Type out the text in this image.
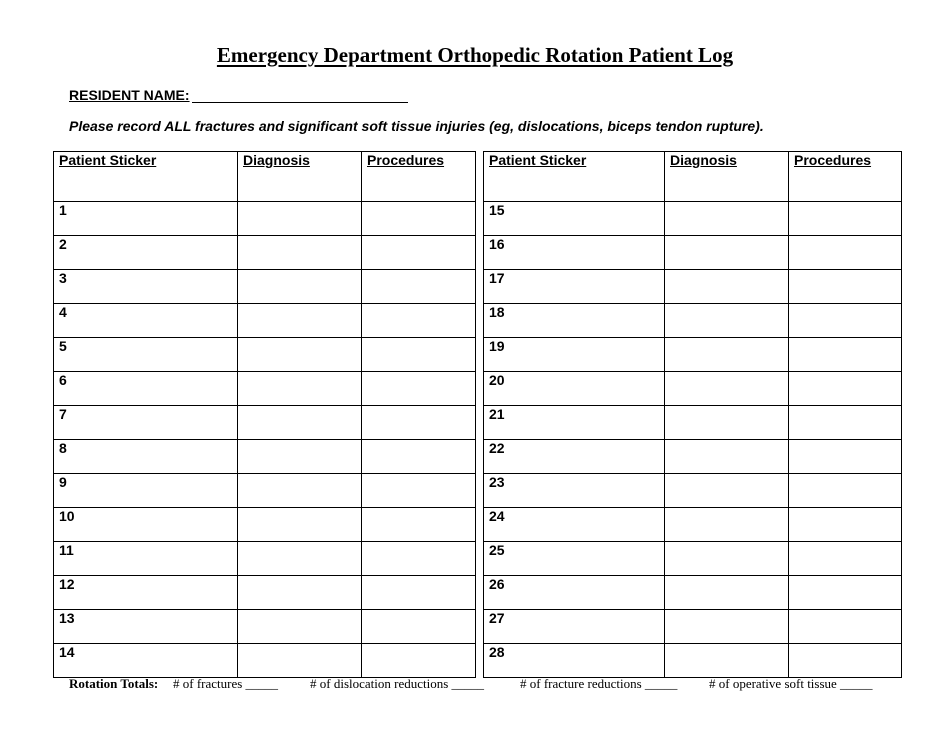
Emergency Department Orthopedic Rotation Patient Log
RESIDENT NAME:
Please record ALL fractures and significant soft tissue injuries (eg, dislocations, biceps tendon rupture).
Patient Sticker	Diagnosis	Procedures
1		
2		
3		
4		
5		
6		
7		
8		
9		
10		
11		
12		
13		
14		
Patient Sticker	Diagnosis	Procedures
15		
16		
17		
18		
19		
20		
21		
22		
23		
24		
25		
26		
27		
28		
Rotation Totals: # of fractures _____ # of dislocation reductions _____	# of fracture reductions _____ # of operative soft tissue _____
